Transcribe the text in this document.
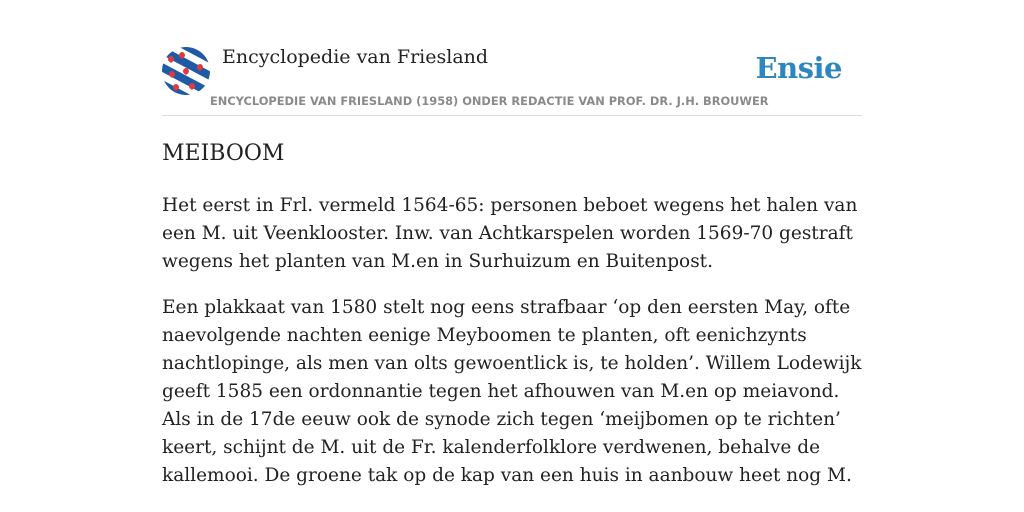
Encyclopedie van Friesland	Ensie
ENCYCLOPEDIE VAN FRIESLAND (1958) ONDER REDACTIE VAN PROF. DR. J.H. BROUWER
MEIBOOM

Het eerst in Frl. vermeld 1564-65: personen beboet wegens het halen van een M. uit Veenklooster. Inw. van Achtkarspelen worden 1569-70 gestraft wegens het planten van M.en in Surhuizum en Buitenpost.

Een plakkaat van 1580 stelt nog eens strafbaar ‘op den eersten May, ofte naevolgende nachten eenige Meyboomen te planten, oft eenichzynts nachtlopinge, als men van olts gewoentlick is, te holden’. Willem Lodewijk geeft 1585 een ordonnantie tegen het afhouwen van M.en op meiavond. Als in de 17de eeuw ook de synode zich tegen ‘meijbomen op te richten’ keert, schijnt de M. uit de Fr. kalenderfolklore verdwenen, behalve de kallemooi. De groene tak op de kap van een huis in aanbouw heet nog M.
